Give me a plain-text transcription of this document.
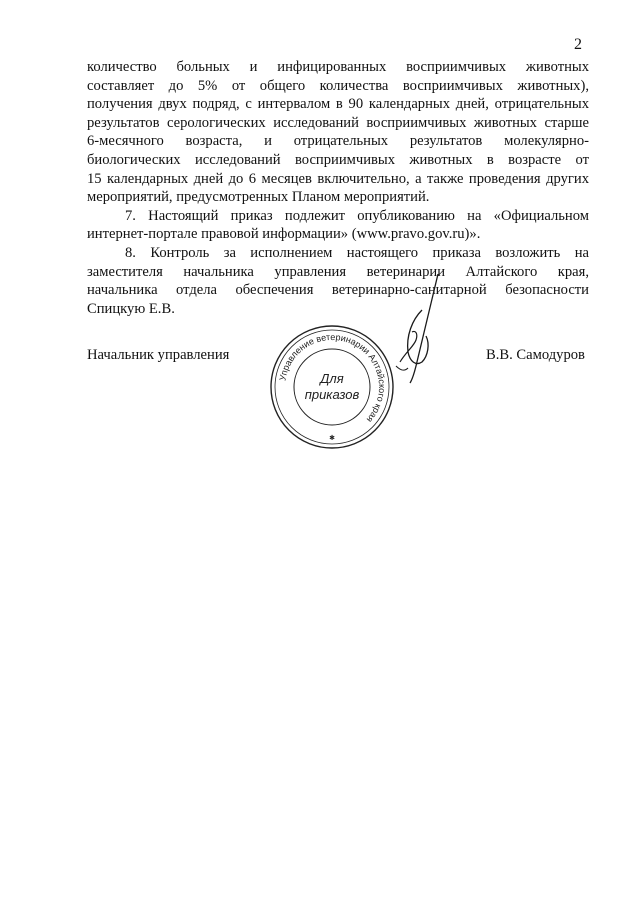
2

количество больных и инфицированных восприимчивых животных
составляет до 5% от общего количества восприимчивых животных),
получения двух подряд, с интервалом в 90 календарных дней, отрицательных
результатов серологических исследований восприимчивых животных старше
6-месячного возраста, и отрицательных результатов молекулярно-
биологических исследований восприимчивых животных в возрасте от
15 календарных дней до 6 месяцев включительно, а также проведения других
мероприятий, предусмотренных Планом мероприятий.

7. Настоящий приказ подлежит опубликованию на «Официальном
интернет-портале правовой информации» (www.pravo.gov.ru)».

8. Контроль за исполнением настоящего приказа возложить на
заместителя начальника управления ветеринарии Алтайского края,
начальника отдела обеспечения ветеринарно-санитарной безопасности
Спицкую Е.В.

Начальник управления	В.В. Самодуров
Управление ветеринарии Алтайского края
Для
приказов
✱
